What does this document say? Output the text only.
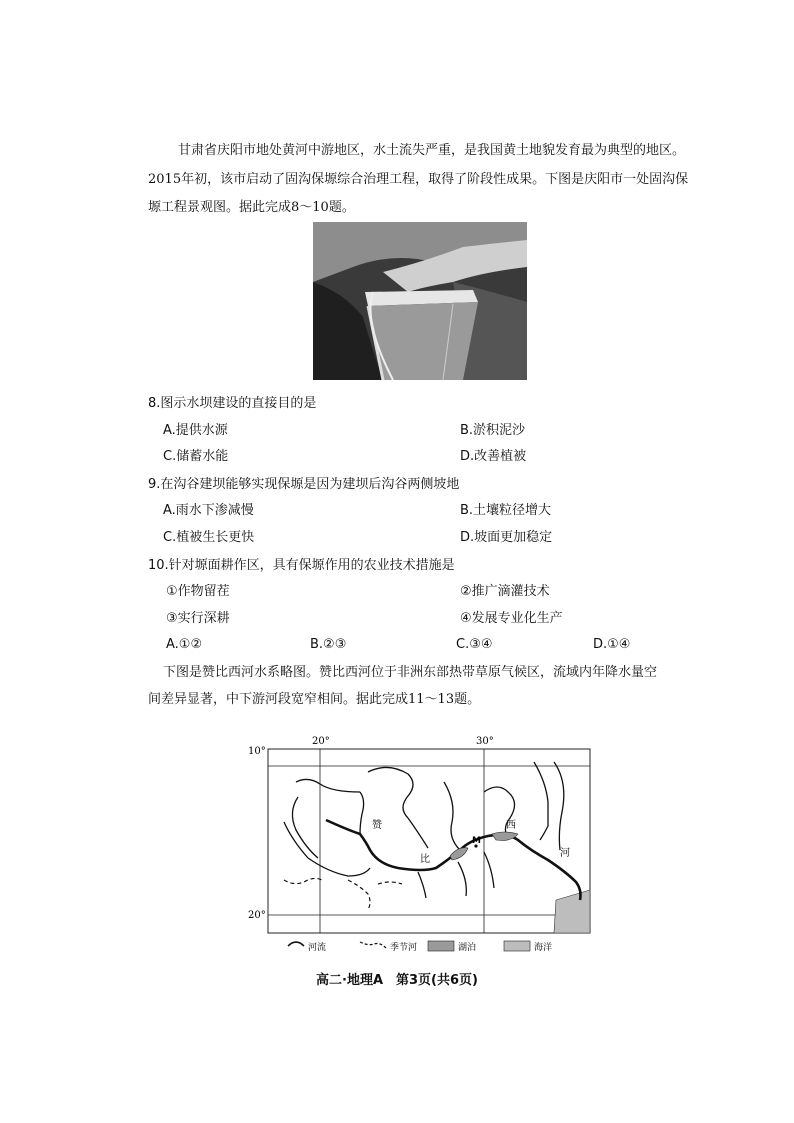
甘肃省庆阳市地处黄河中游地区，水土流失严重，是我国黄土地貌发育最为典型的地区。
2015年初，该市启动了固沟保塬综合治理工程，取得了阶段性成果。下图是庆阳市一处固沟保
塬工程景观图。据此完成8～10题。
8.图示水坝建设的直接目的是
A.提供水源	B.淤积泥沙
C.储蓄水能	D.改善植被
9.在沟谷建坝能够实现保塬是因为建坝后沟谷两侧坡地
A.雨水下渗减慢	B.土壤粒径增大
C.植被生长更快	D.坡面更加稳定
10.针对塬面耕作区，具有保塬作用的农业技术措施是
①作物留茬	②推广滴灌技术
③实行深耕	④发展专业化生产
A.①②	B.②③	C.③④	D.①④
下图是赞比西河水系略图。赞比西河位于非洲东部热带草原气候区，流域内年降水量空
间差异显著，中下游河段宽窄相间。据此完成11～13题。
20°	30°
10°
20°
赞
比
西
河
M
河流	季节河	湖泊	海洋
高二·地理A　第3页(共6页)
